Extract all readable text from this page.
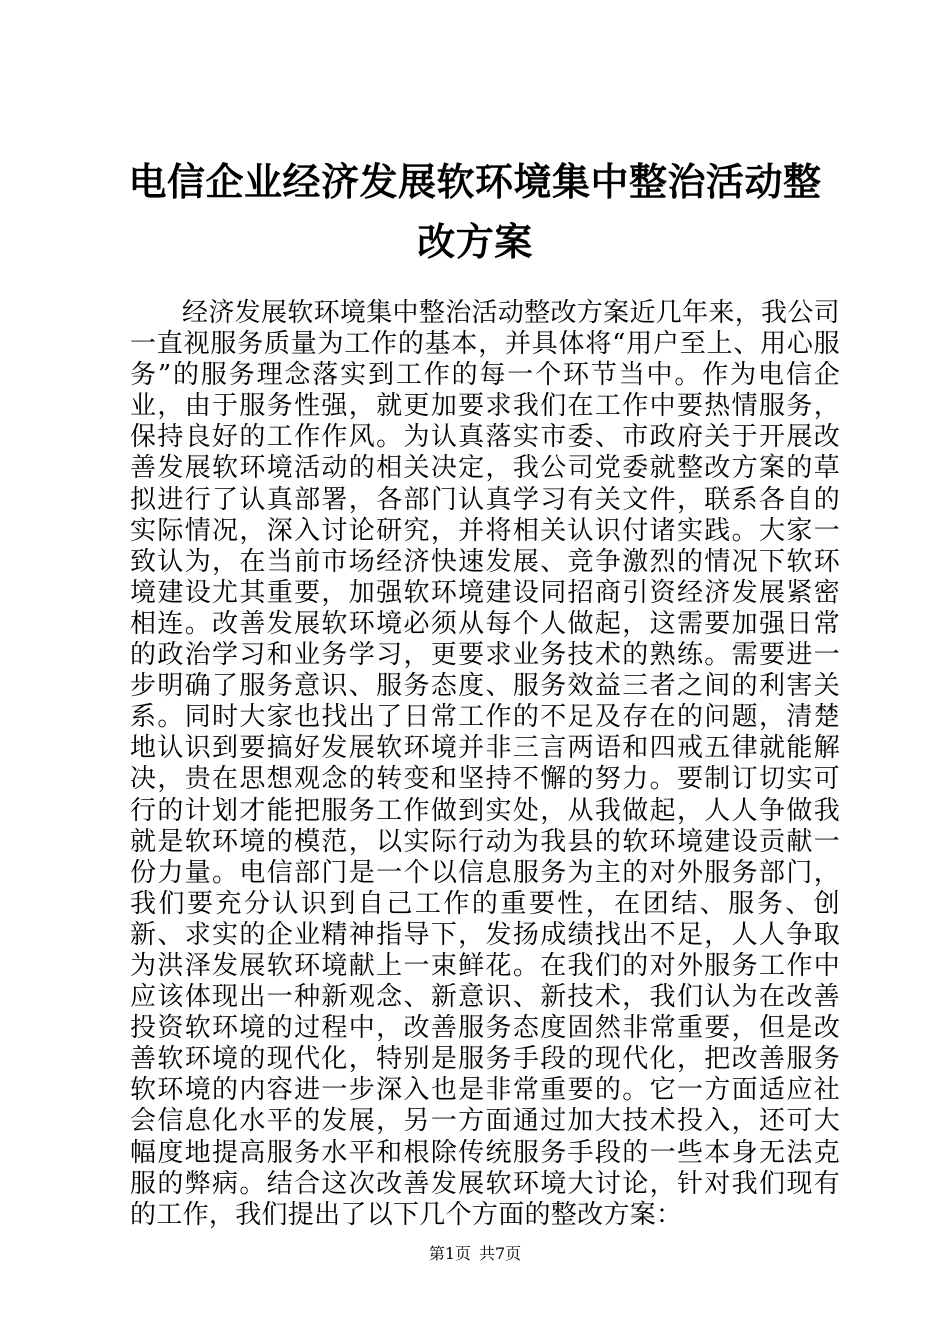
电信企业经济发展软环境集中整治活动整改方案

经济发展软环境集中整治活动整改方案近几年来，我公司一直视服务质量为工作的基本，并具体将“用户至上、用心服务”的服务理念落实到工作的每一个环节当中。作为电信企业，由于服务性强，就更加要求我们在工作中要热情服务，保持良好的工作作风。为认真落实市委、市政府关于开展改善发展软环境活动的相关决定，我公司党委就整改方案的草拟进行了认真部署，各部门认真学习有关文件，联系各自的实际情况，深入讨论研究，并将相关认识付诸实践。大家一致认为，在当前市场经济快速发展、竞争激烈的情况下软环境建设尤其重要，加强软环境建设同招商引资经济发展紧密相连。改善发展软环境必须从每个人做起，这需要加强日常的政治学习和业务学习，更要求业务技术的熟练。需要进一步明确了服务意识、服务态度、服务效益三者之间的利害关系。同时大家也找出了日常工作的不足及存在的问题，清楚地认识到要搞好发展软环境并非三言两语和四戒五律就能解决，贵在思想观念的转变和坚持不懈的努力。要制订切实可行的计划才能把服务工作做到实处，从我做起，人人争做我就是软环境的模范，以实际行动为我县的软环境建设贡献一份力量。电信部门是一个以信息服务为主的对外服务部门，我们要充分认识到自己工作的重要性，在团结、服务、创新、求实的企业精神指导下，发扬成绩找出不足，人人争取为洪泽发展软环境献上一束鲜花。在我们的对外服务工作中应该体现出一种新观念、新意识、新技术，我们认为在改善投资软环境的过程中，改善服务态度固然非常重要，但是改善软环境的现代化，特别是服务手段的现代化，把改善服务软环境的内容进一步深入也是非常重要的。它一方面适应社会信息化水平的发展，另一方面通过加大技术投入，还可大幅度地提高服务水平和根除传统服务手段的一些本身无法克服的弊病。结合这次改善发展软环境大讨论，针对我们现有的工作，我们提出了以下几个方面的整改方案：

第1页 共7页
